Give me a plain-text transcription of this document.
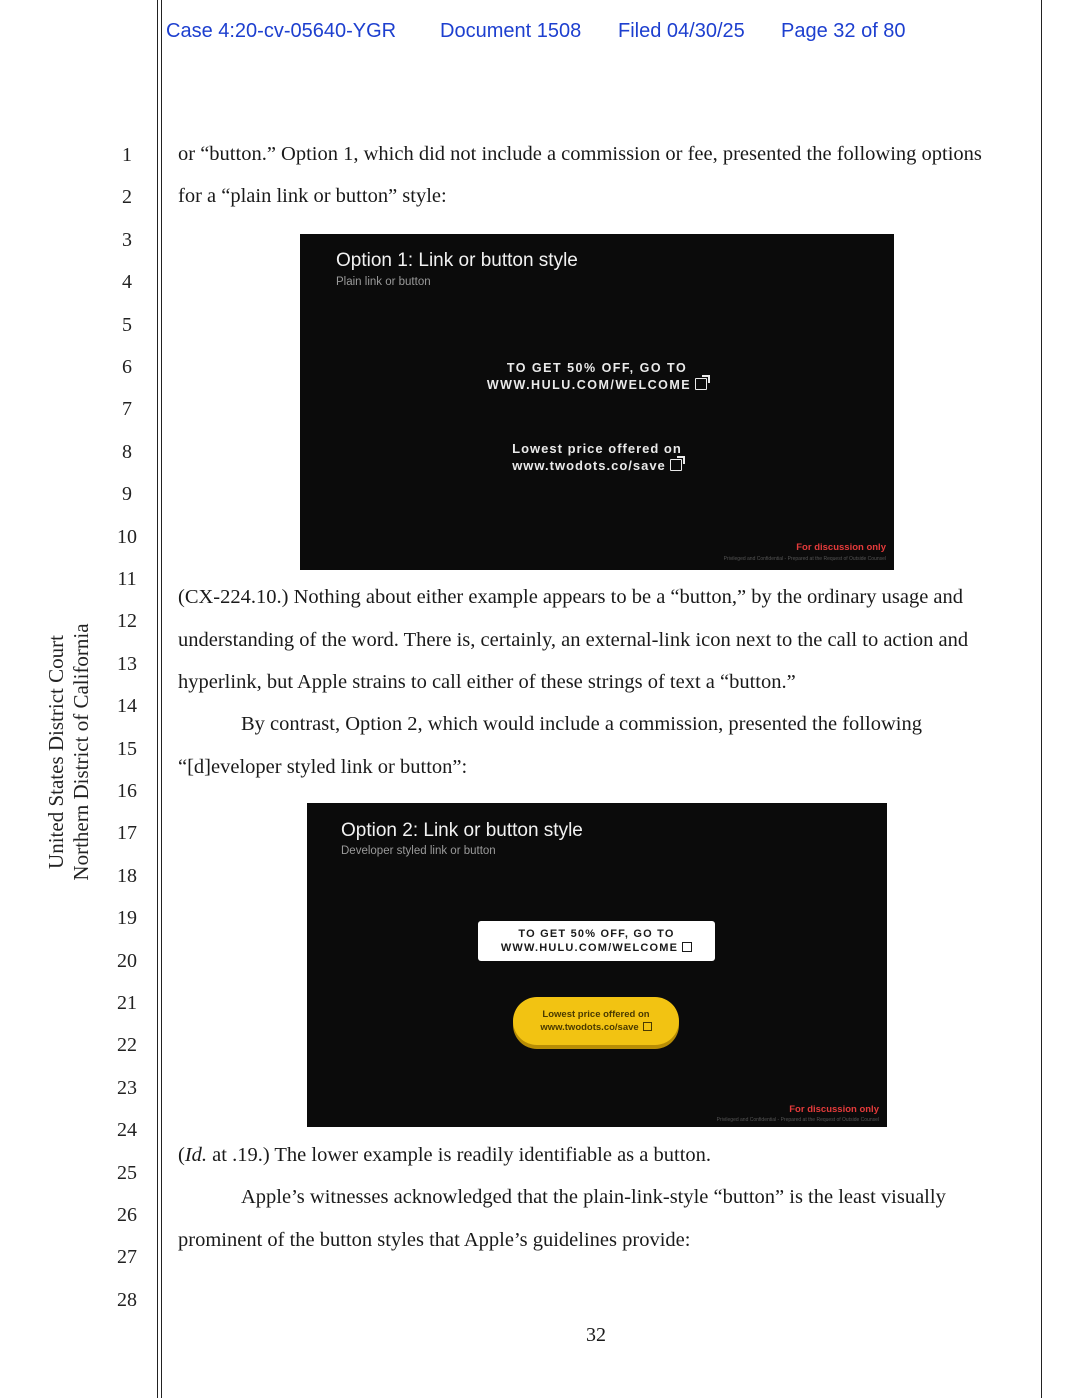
Case 4:20-cv-05640-YGR Document 1508 Filed 04/30/25 Page 32 of 80
United States District Court Northern District of California
1
2
3
4
5
6
7
8
9
10
11
12
13
14
15
16
17
18
19
20
21
22
23
24
25
26
27
28
or “button.” Option 1, which did not include a commission or fee, presented the following options
for a “plain link or button” style:
Option 1: Link or button style
Plain link or button
TO GET 50% OFF, GO TO
WWW.HULU.COM/WELCOME
Lowest price offered on
www.twodots.co/save
For discussion only
Privileged and Confidential - Prepared at the Request of Outside Counsel
(CX-224.10.) Nothing about either example appears to be a “button,” by the ordinary usage and
understanding of the word. There is, certainly, an external-link icon next to the call to action and
hyperlink, but Apple strains to call either of these strings of text a “button.”
By contrast, Option 2, which would include a commission, presented the following
“[d]eveloper styled link or button”:
Option 2: Link or button style
Developer styled link or button
TO GET 50% OFF, GO TO
WWW.HULU.COM/WELCOME
Lowest price offered on
www.twodots.co/save
For discussion only
Privileged and Confidential - Prepared at the Request of Outside Counsel
(Id. at .19.) The lower example is readily identifiable as a button.
Apple’s witnesses acknowledged that the plain-link-style “button” is the least visually
prominent of the button styles that Apple’s guidelines provide:
32
